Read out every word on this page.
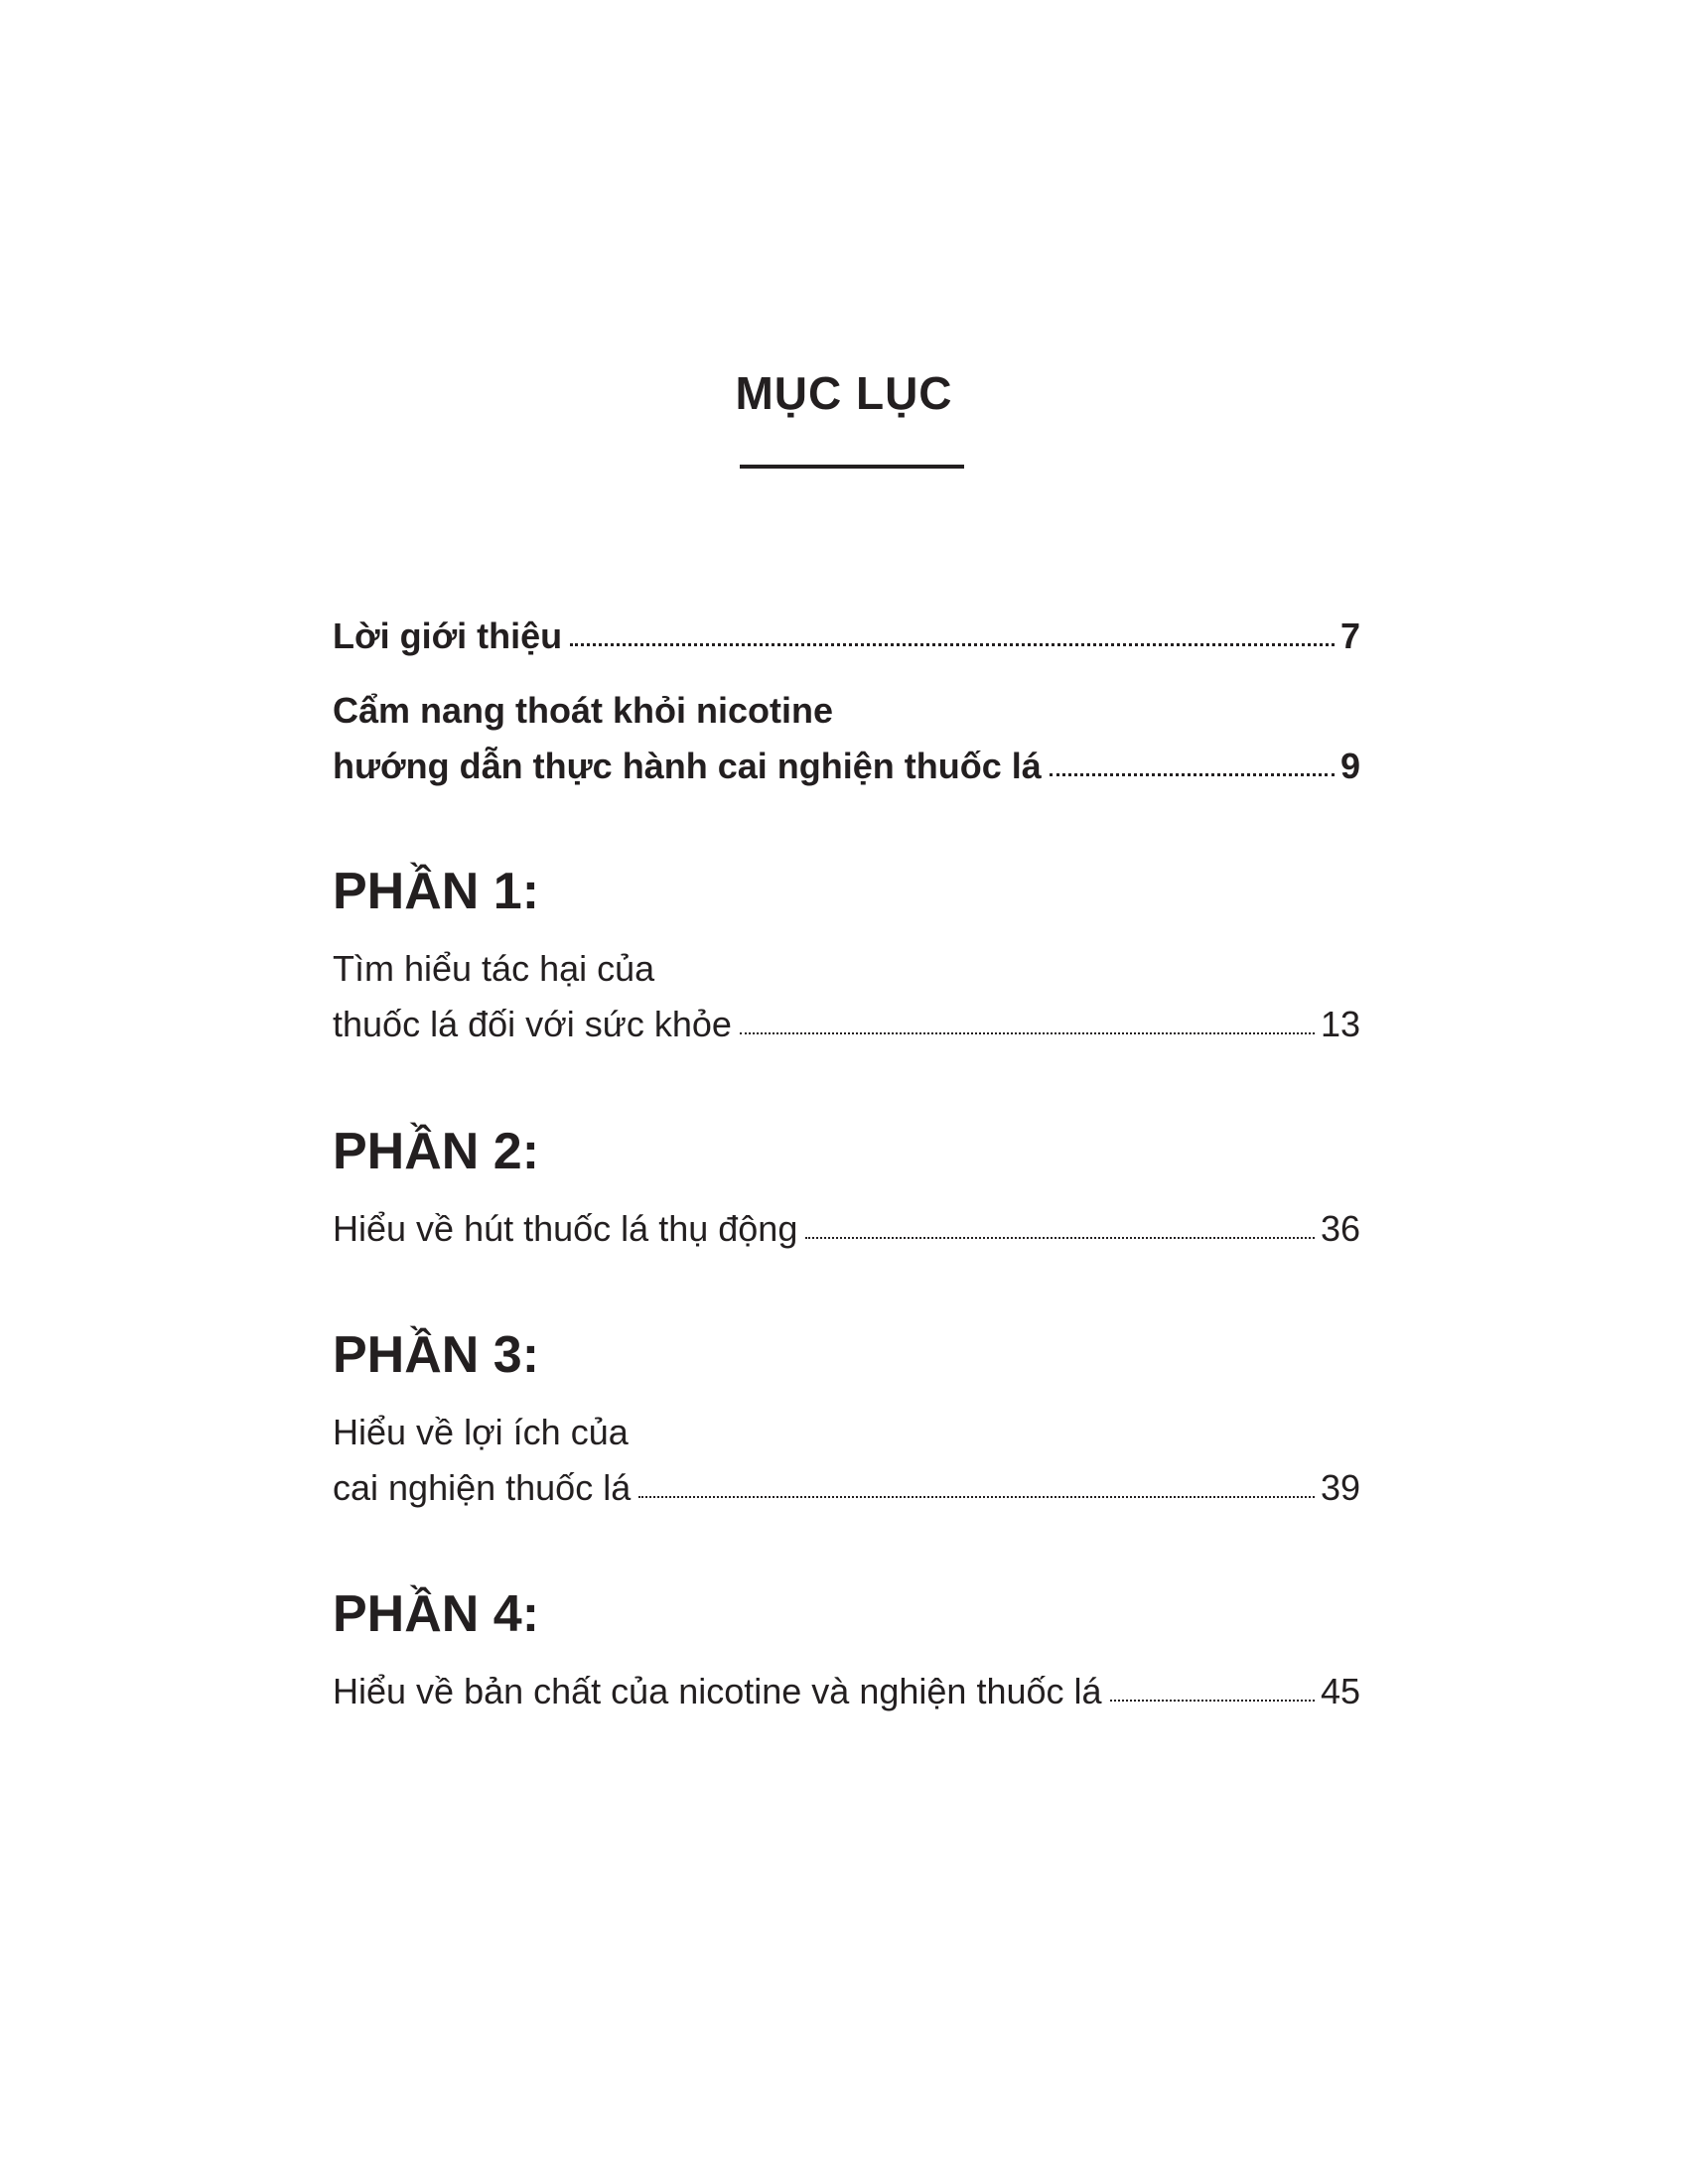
MỤC LỤC
Lời giới thiệu	7
Cẩm nang thoát khỏi nicotine
hướng dẫn thực hành cai nghiện thuốc lá	9
PHẦN 1:
Tìm hiểu tác hại của
thuốc lá đối với sức khỏe	13
PHẦN 2:
Hiểu về hút thuốc lá thụ động	36
PHẦN 3:
Hiểu về lợi ích của
cai nghiện thuốc lá	39
PHẦN 4:
Hiểu về bản chất của nicotine và nghiện thuốc lá	45
